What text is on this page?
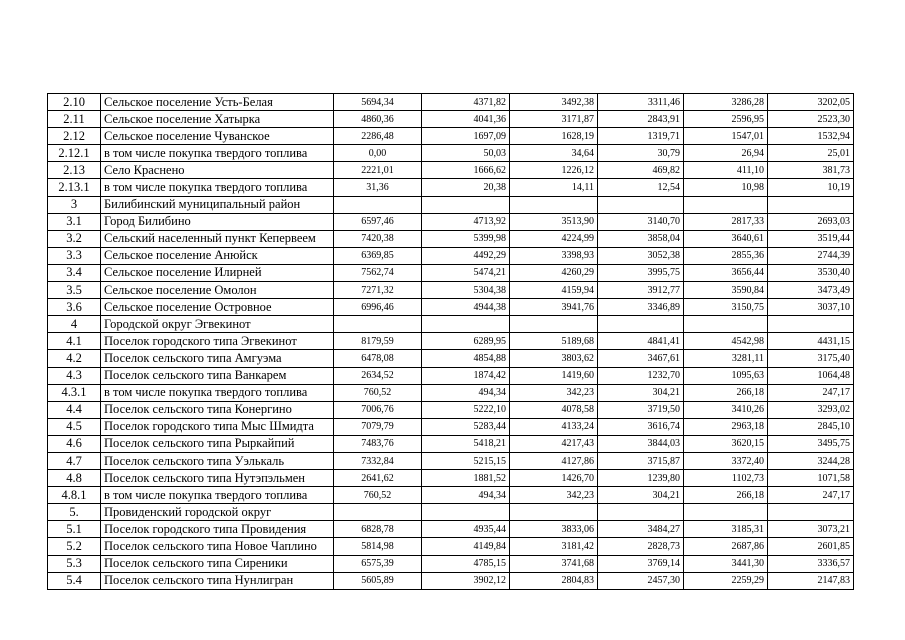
2.10	Сельское поселение Усть-Белая	5694,34	4371,82	3492,38	3311,46	3286,28	3202,05
2.11	Сельское поселение Хатырка	4860,36	4041,36	3171,87	2843,91	2596,95	2523,30
2.12	Сельское поселение Чуванское	2286,48	1697,09	1628,19	1319,71	1547,01	1532,94
2.12.1	в том числе покупка твердого топлива	0,00	50,03	34,64	30,79	26,94	25,01
2.13	Село Краснено	2221,01	1666,62	1226,12	469,82	411,10	381,73
2.13.1	в том числе покупка твердого топлива	31,36	20,38	14,11	12,54	10,98	10,19
3	Билибинский муниципальный район						
3.1	Город Билибино	6597,46	4713,92	3513,90	3140,70	2817,33	2693,03
3.2	Сельский населенный пункт Кепервеем	7420,38	5399,98	4224,99	3858,04	3640,61	3519,44
3.3	Сельское поселение Анюйск	6369,85	4492,29	3398,93	3052,38	2855,36	2744,39
3.4	Сельское поселение Илирней	7562,74	5474,21	4260,29	3995,75	3656,44	3530,40
3.5	Сельское поселение Омолон	7271,32	5304,38	4159,94	3912,77	3590,84	3473,49
3.6	Сельское поселение Островное	6996,46	4944,38	3941,76	3346,89	3150,75	3037,10
4	Городской округ Эгвекинот						
4.1	Поселок городского типа Эгвекинот	8179,59	6289,95	5189,68	4841,41	4542,98	4431,15
4.2	Поселок сельского типа Амгуэма	6478,08	4854,88	3803,62	3467,61	3281,11	3175,40
4.3	Поселок сельского типа Ванкарем	2634,52	1874,42	1419,60	1232,70	1095,63	1064,48
4.3.1	в том числе покупка твердого топлива	760,52	494,34	342,23	304,21	266,18	247,17
4.4	Поселок сельского типа Конергино	7006,76	5222,10	4078,58	3719,50	3410,26	3293,02
4.5	Поселок городского типа Мыс Шмидта	7079,79	5283,44	4133,24	3616,74	2963,18	2845,10
4.6	Поселок сельского типа Рыркайпий	7483,76	5418,21	4217,43	3844,03	3620,15	3495,75
4.7	Поселок сельского типа Уэлькаль	7332,84	5215,15	4127,86	3715,87	3372,40	3244,28
4.8	Поселок сельского типа Нутэпэльмен	2641,62	1881,52	1426,70	1239,80	1102,73	1071,58
4.8.1	в том числе покупка твердого топлива	760,52	494,34	342,23	304,21	266,18	247,17
5.	Провиденский городской округ						
5.1	Поселок городского типа Провидения	6828,78	4935,44	3833,06	3484,27	3185,31	3073,21
5.2	Поселок сельского типа Новое Чаплино	5814,98	4149,84	3181,42	2828,73	2687,86	2601,85
5.3	Поселок сельского типа Сиреники	6575,39	4785,15	3741,68	3769,14	3441,30	3336,57
5.4	Поселок сельского типа Нунлигран	5605,89	3902,12	2804,83	2457,30	2259,29	2147,83
